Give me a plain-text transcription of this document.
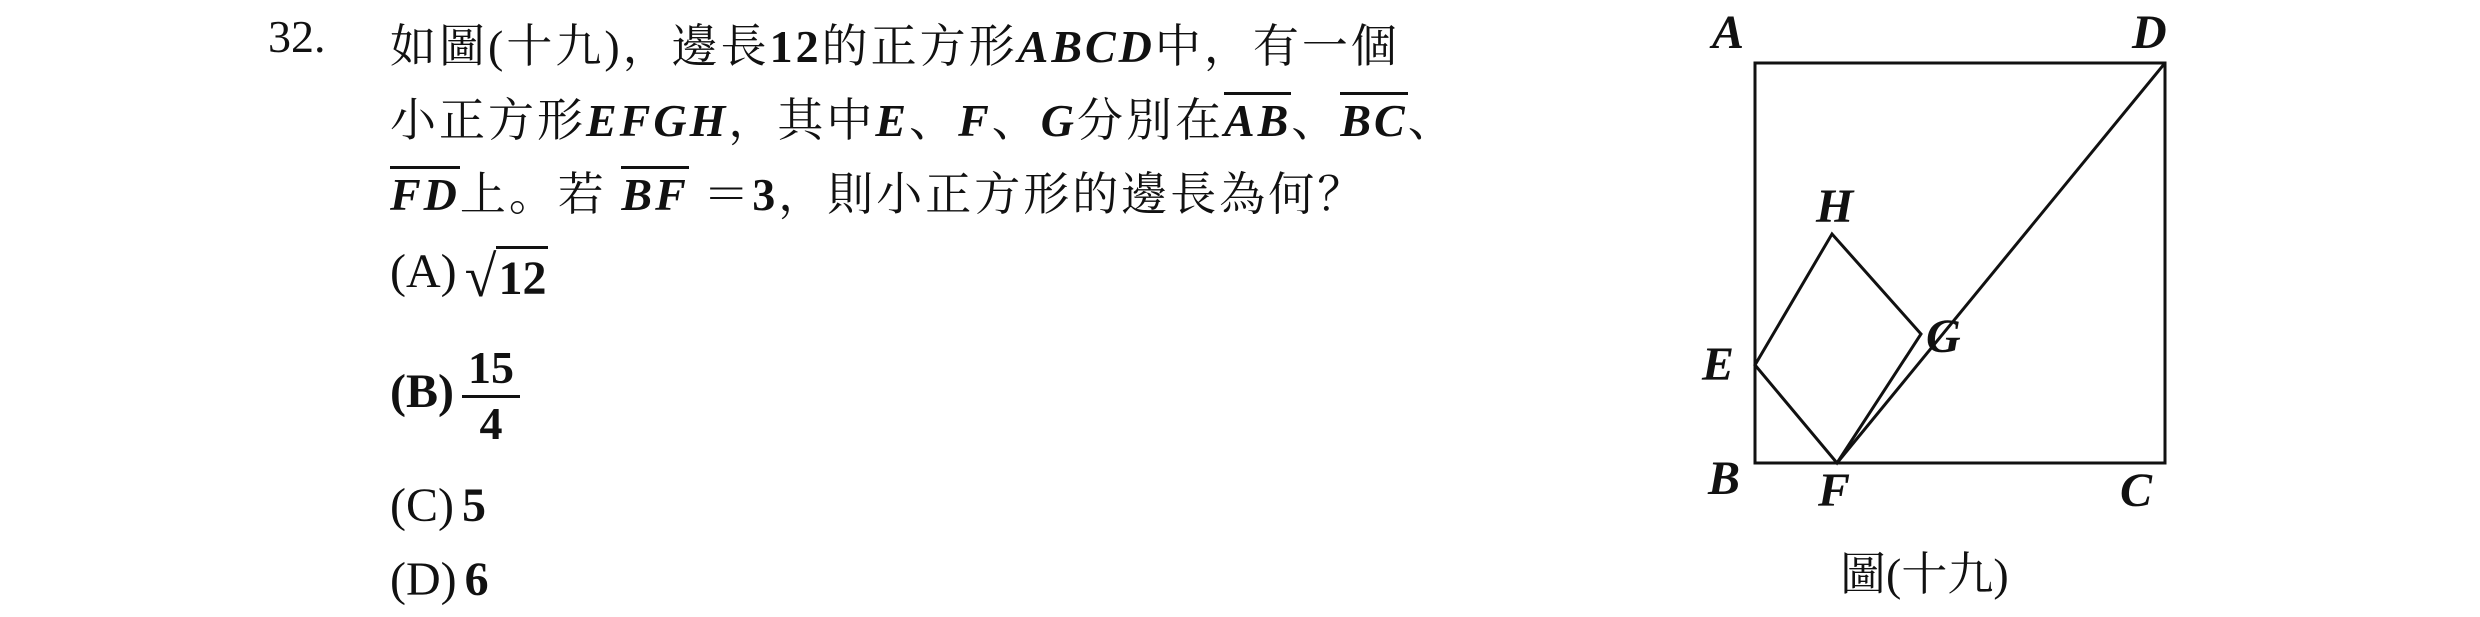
32. 如圖(十九)，邊長12的正方形ABCD中，有一個
小正方形EFGH，其中E、F、G分別在AB、BC、
FD上。若 BF ＝3，則小正方形的邊長為何？
(A) √ 12
$(B) \frac{15}{4}$
(C) 5
(D) 6
A	D
H
G
E
B F	C
圖(十九)
